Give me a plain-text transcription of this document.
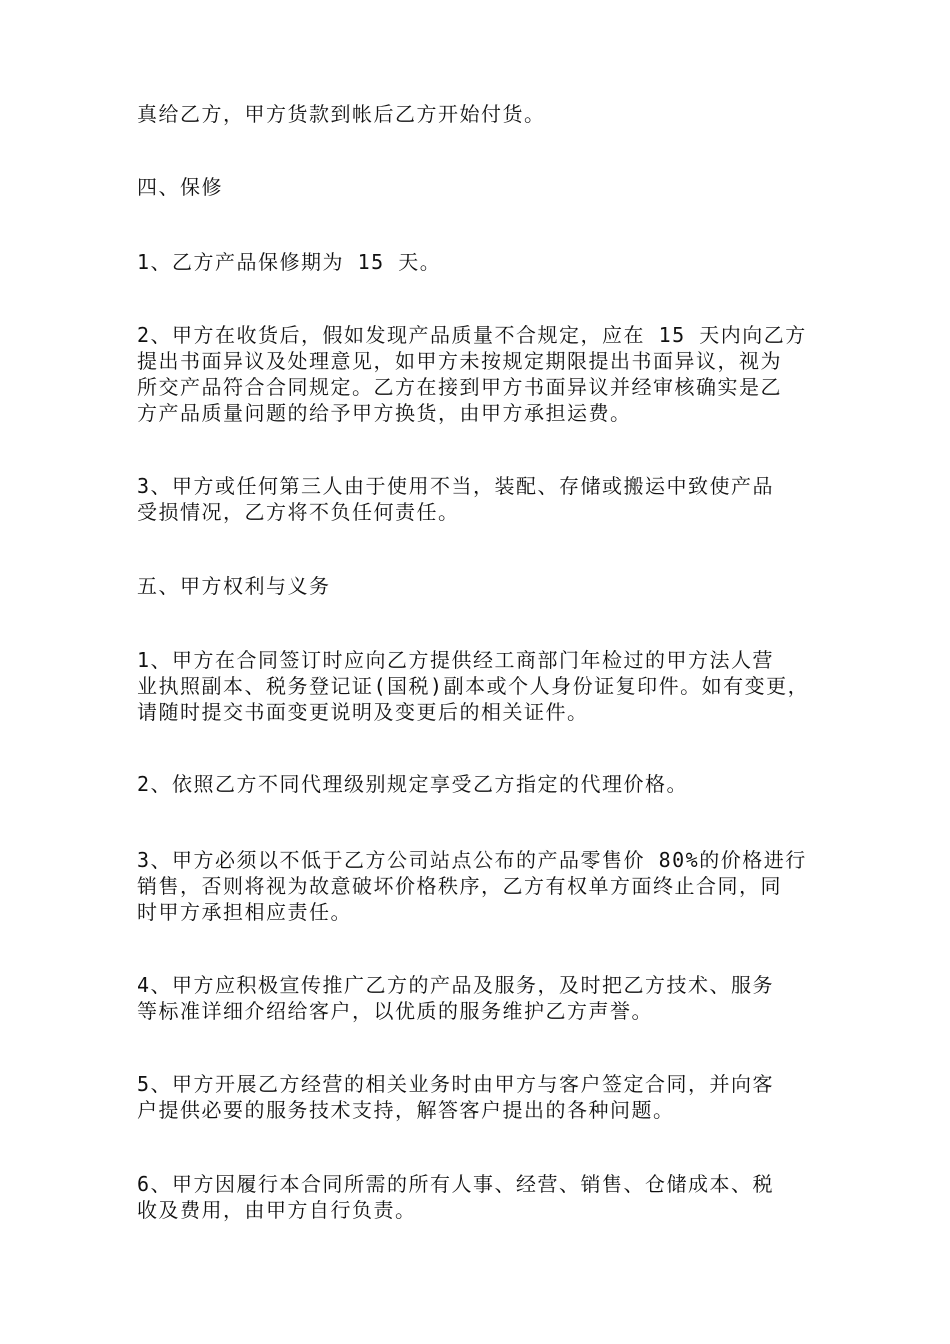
真给乙方，甲方货款到帐后乙方开始付货。
四、保修
1、乙方产品保修期为 15 天。
2、甲方在收货后，假如发现产品质量不合规定，应在 15 天内向乙方
提出书面异议及处理意见，如甲方未按规定期限提出书面异议，视为
所交产品符合合同规定。乙方在接到甲方书面异议并经审核确实是乙
方产品质量问题的给予甲方换货，由甲方承担运费。
3、甲方或任何第三人由于使用不当，装配、存储或搬运中致使产品
受损情况，乙方将不负任何责任。
五、甲方权利与义务
1、甲方在合同签订时应向乙方提供经工商部门年检过的甲方法人营
业执照副本、税务登记证(国税)副本或个人身份证复印件。如有变更，
请随时提交书面变更说明及变更后的相关证件。
2、依照乙方不同代理级别规定享受乙方指定的代理价格。
3、甲方必须以不低于乙方公司站点公布的产品零售价 80%的价格进行
销售，否则将视为故意破坏价格秩序，乙方有权单方面终止合同，同
时甲方承担相应责任。
4、甲方应积极宣传推广乙方的产品及服务，及时把乙方技术、服务
等标准详细介绍给客户，以优质的服务维护乙方声誉。
5、甲方开展乙方经营的相关业务时由甲方与客户签定合同，并向客
户提供必要的服务技术支持，解答客户提出的各种问题。
6、甲方因履行本合同所需的所有人事、经营、销售、仓储成本、税
收及费用，由甲方自行负责。
